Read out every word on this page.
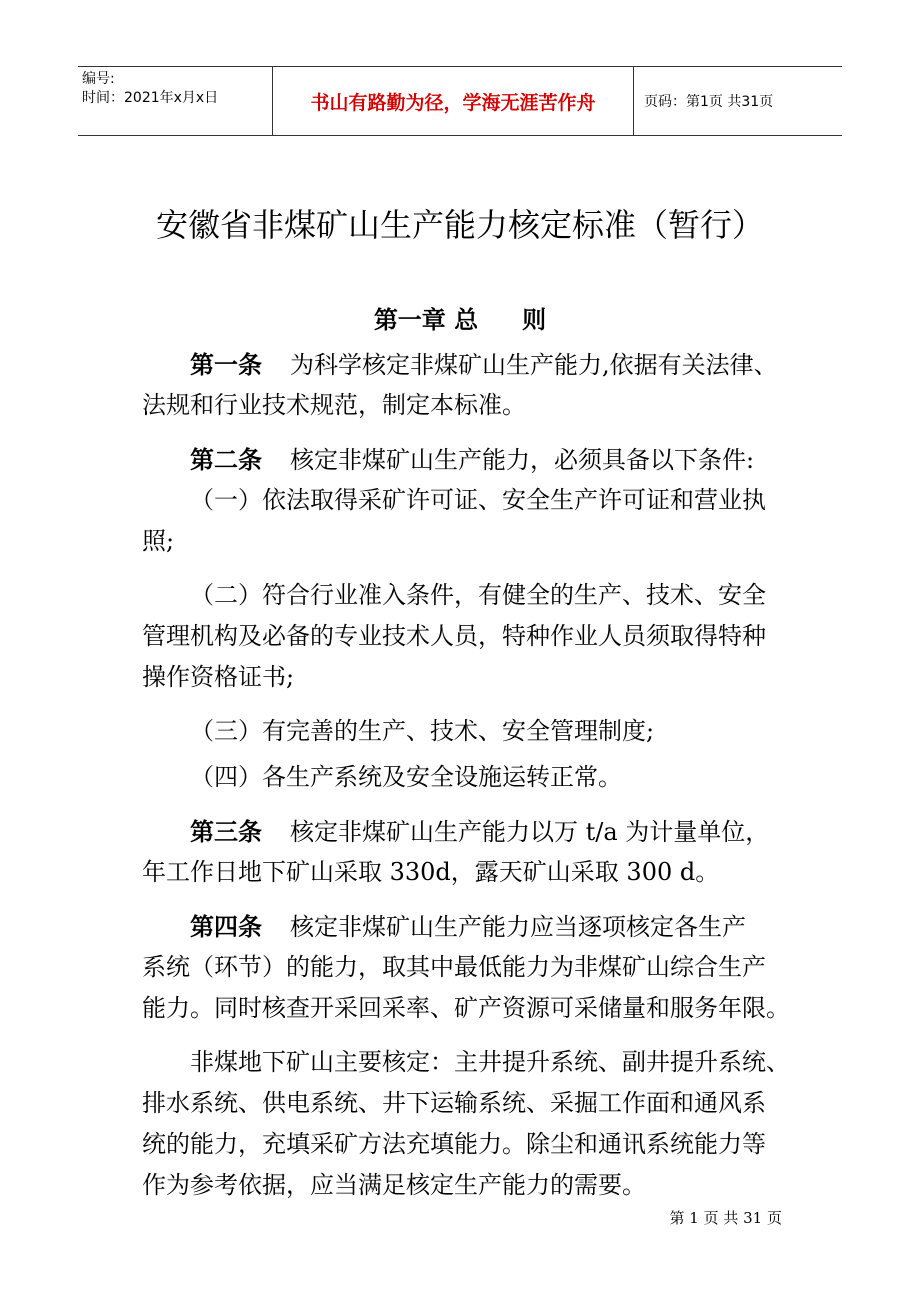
编号:
时间：2021年x月x日	书山有路勤为径，学海无涯苦作舟	页码：第1页 共31页
安徽省非煤矿山生产能力核定标准（暂行）
第一章 总 则
第一条 为科学核定非煤矿山生产能力,依据有关法律、
法规和行业技术规范，制定本标准。
第二条 核定非煤矿山生产能力，必须具备以下条件:
（一）依法取得采矿许可证、安全生产许可证和营业执
照;
（二）符合行业准入条件，有健全的生产、技术、安全
管理机构及必备的专业技术人员，特种作业人员须取得特种
操作资格证书;
（三）有完善的生产、技术、安全管理制度;
（四）各生产系统及安全设施运转正常。
第三条 核定非煤矿山生产能力以万 t/a 为计量单位，
年工作日地下矿山采取 330d，露天矿山采取 300 d。
第四条 核定非煤矿山生产能力应当逐项核定各生产
系统（环节）的能力，取其中最低能力为非煤矿山综合生产
能力。同时核查开采回采率、矿产资源可采储量和服务年限。
非煤地下矿山主要核定：主井提升系统、副井提升系统、
排水系统、供电系统、井下运输系统、采掘工作面和通风系
统的能力，充填采矿方法充填能力。除尘和通讯系统能力等
作为参考依据，应当满足核定生产能力的需要。
第 1 页 共 31 页
